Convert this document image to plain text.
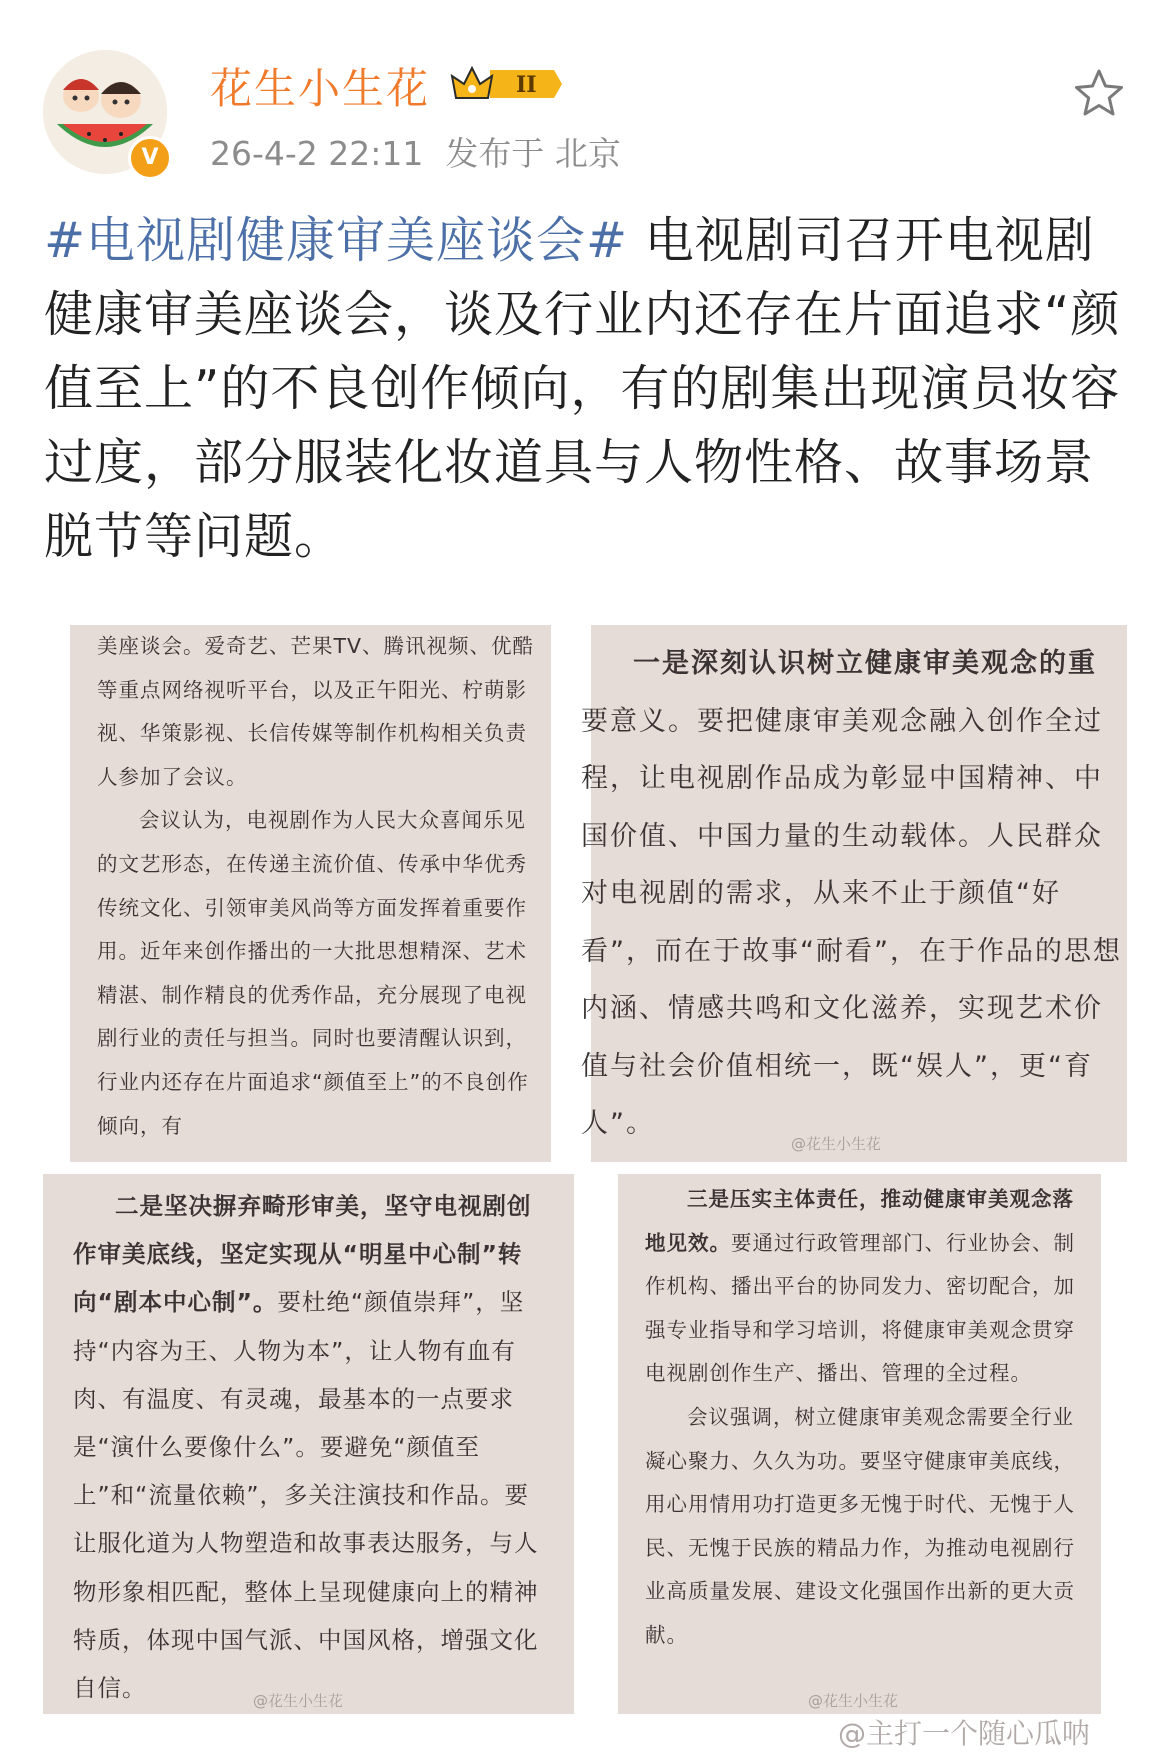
V
花生小生花	II
26-4-2 22:11 发布于 北京
#电视剧健康审美座谈会# 电视剧司召开电视剧健康审美座谈会，谈及行业内还存在片面追求“颜值至上”的不良创作倾向，有的剧集出现演员妆容过度，部分服装化妆道具与人物性格、故事场景脱节等问题。

美座谈会。爱奇艺、芒果TV、腾讯视频、优酷等重点网络视听平台，以及正午阳光、柠萌影视、华策影视、长信传媒等制作机构相关负责人参加了会议。

会议认为，电视剧作为人民大众喜闻乐见的文艺形态，在传递主流价值、传承中华优秀传统文化、引领审美风尚等方面发挥着重要作用。近年来创作播出的一大批思想精深、艺术精湛、制作精良的优秀作品，充分展现了电视剧行业的责任与担当。同时也要清醒认识到，行业内还存在片面追求“颜值至上”的不良创作倾向，有

一是深刻认识树立健康审美观念的重

要意义。要把健康审美观念融入创作全过

程，让电视剧作品成为彰显中国精神、中

国价值、中国力量的生动载体。人民群众

对电视剧的需求，从来不止于颜值“好

看”，而在于故事“耐看”，在于作品的思想

内涵、情感共鸣和文化滋养，实现艺术价

值与社会价值相统一，既“娱人”，更“育

人”。

@花生小生花

二是坚决摒弃畸形审美，坚守电视剧创作审美底线，坚定实现从“明星中心制”转向“剧本中心制”。要杜绝“颜值崇拜”，坚持“内容为王、人物为本”，让人物有血有肉、有温度、有灵魂，最基本的一点要求是“演什么要像什么”。要避免“颜值至上”和“流量依赖”，多关注演技和作品。要让服化道为人物塑造和故事表达服务，与人物形象相匹配，整体上呈现健康向上的精神特质，体现中国气派、中国风格，增强文化自信。	@花生小生花

三是压实主体责任，推动健康审美观念落地见效。要通过行政管理部门、行业协会、制作机构、播出平台的协同发力、密切配合，加强专业指导和学习培训，将健康审美观念贯穿电视剧创作生产、播出、管理的全过程。

会议强调，树立健康审美观念需要全行业凝心聚力、久久为功。要坚守健康审美底线，用心用情用功打造更多无愧于时代、无愧于人民、无愧于民族的精品力作，为推动电视剧行业高质量发展、建设文化强国作出新的更大贡献。

@花生小生花
@主打一个随心瓜呐
